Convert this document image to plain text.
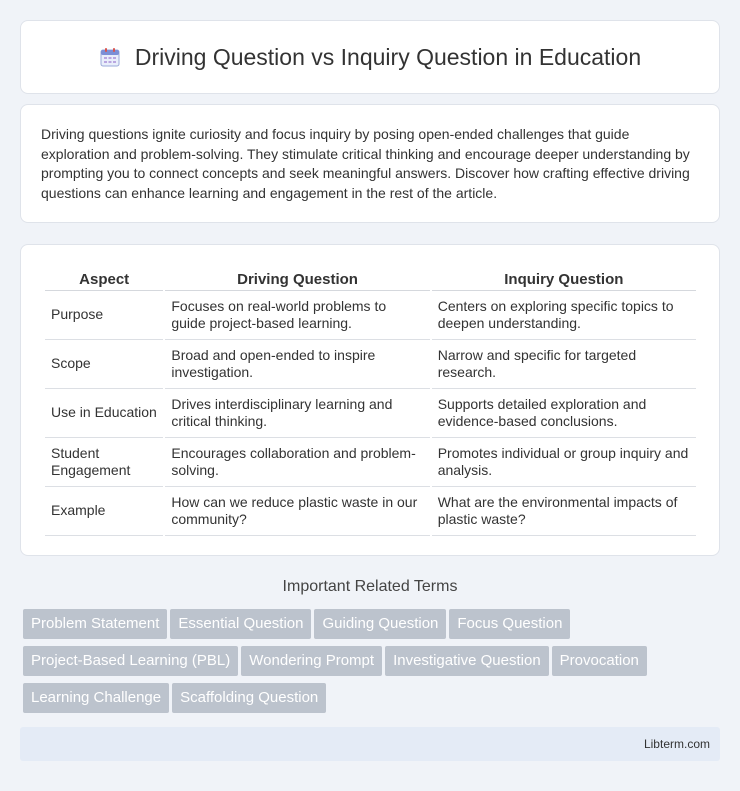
Driving Question vs Inquiry Question in Education

Driving questions ignite curiosity and focus inquiry by posing open-ended challenges that guide exploration and problem-solving. They stimulate critical thinking and encourage deeper understanding by prompting you to connect concepts and seek meaningful answers. Discover how crafting effective driving questions can enhance learning and engagement in the rest of the article.

Aspect	Driving Question	Inquiry Question
Purpose	Focuses on real-world problems to guide project-based learning.	Centers on exploring specific topics to deepen understanding.
Scope	Broad and open-ended to inspire investigation.	Narrow and specific for targeted research.
Use in Education	Drives interdisciplinary learning and critical thinking.	Supports detailed exploration and evidence-based conclusions.
Student Engagement	Encourages collaboration and problem-solving.	Promotes individual or group inquiry and analysis.
Example	How can we reduce plastic waste in our community?	What are the environmental impacts of plastic waste?
Important Related Terms
Problem Statement Essential Question Guiding Question Focus Question
Project-Based Learning (PBL) Wondering Prompt Investigative Question Provocation
Learning Challenge Scaffolding Question
Libterm.com
